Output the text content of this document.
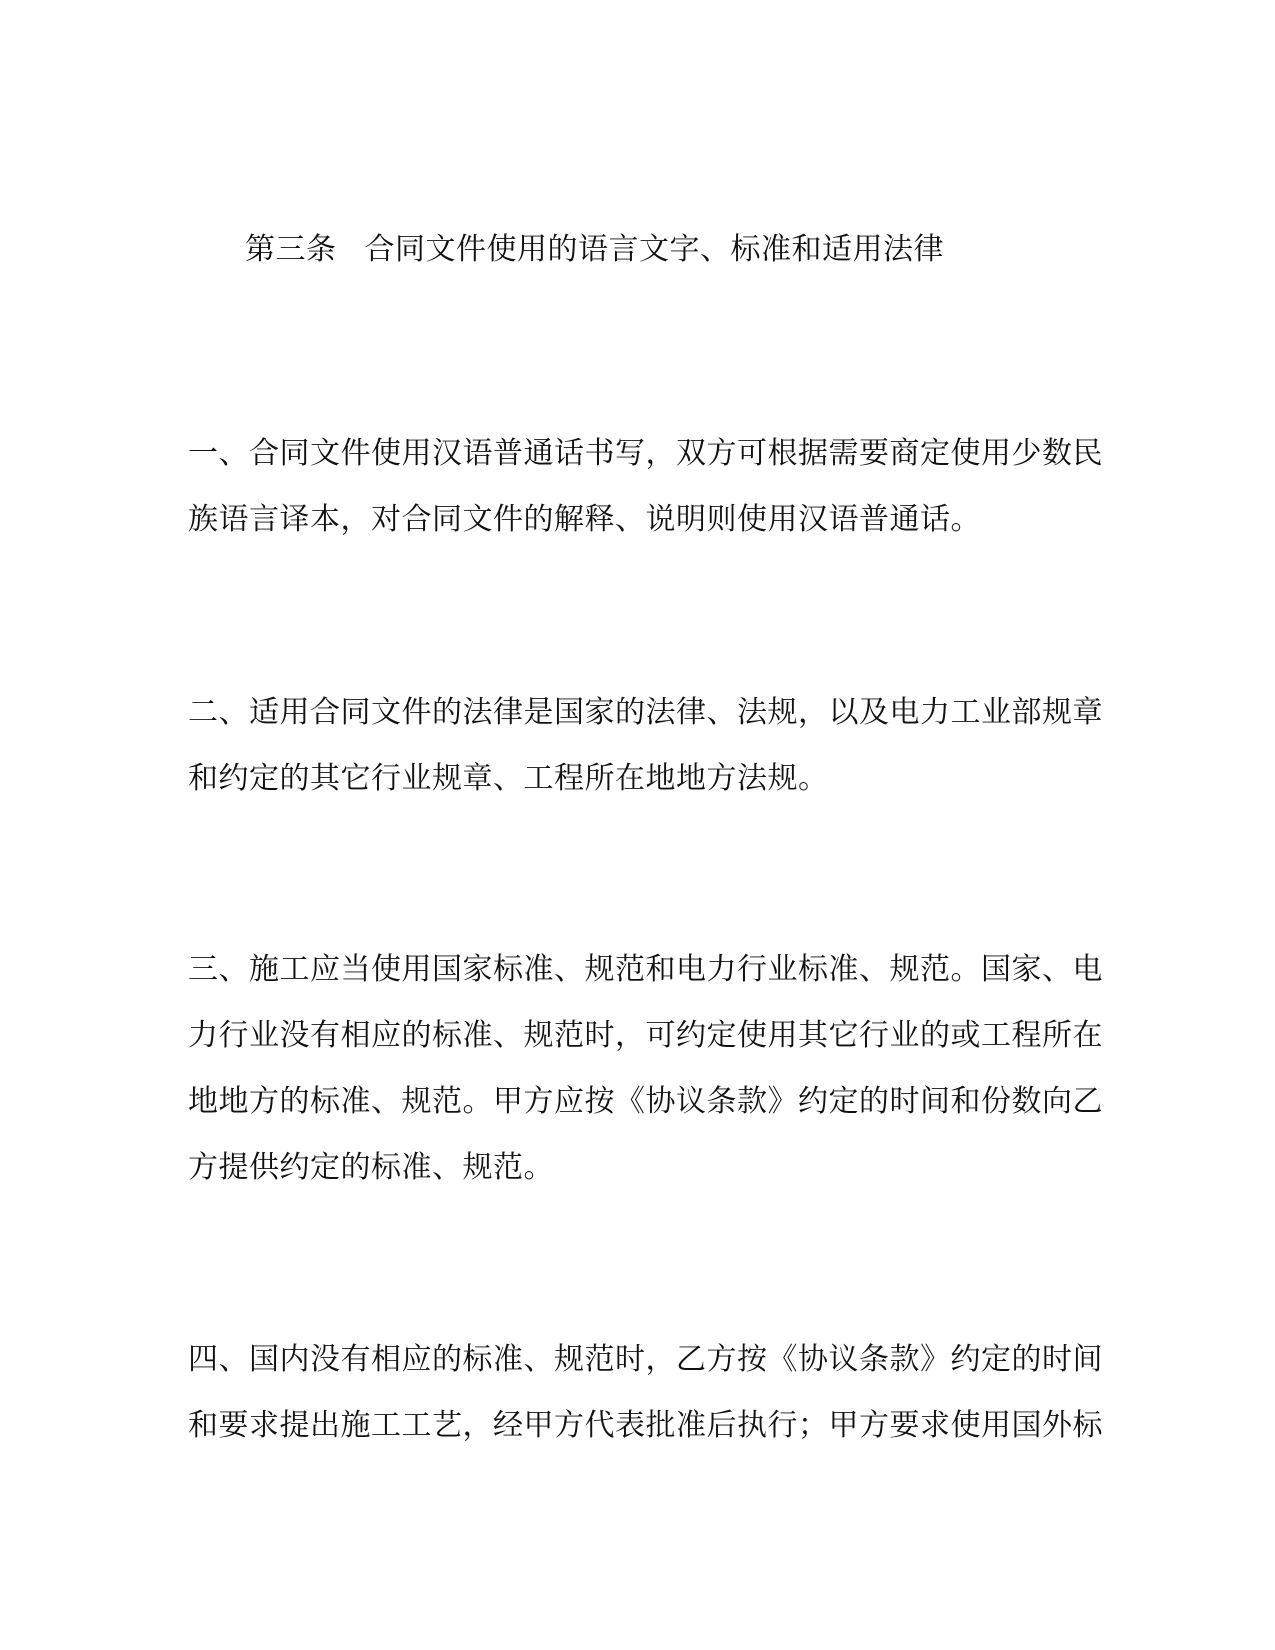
第三条 合同文件使用的语言文字、标准和适用法律
一、合同文件使用汉语普通话书写，双方可根据需要商定使用少数民
族语言译本，对合同文件的解释、说明则使用汉语普通话。
二、适用合同文件的法律是国家的法律、法规，以及电力工业部规章
和约定的其它行业规章、工程所在地地方法规。
三、施工应当使用国家标准、规范和电力行业标准、规范。国家、电
力行业没有相应的标准、规范时，可约定使用其它行业的或工程所在
地地方的标准、规范。甲方应按《协议条款》约定的时间和份数向乙
方提供约定的标准、规范。
四、国内没有相应的标准、规范时，乙方按《协议条款》约定的时间
和要求提出施工工艺，经甲方代表批准后执行；甲方要求使用国外标
